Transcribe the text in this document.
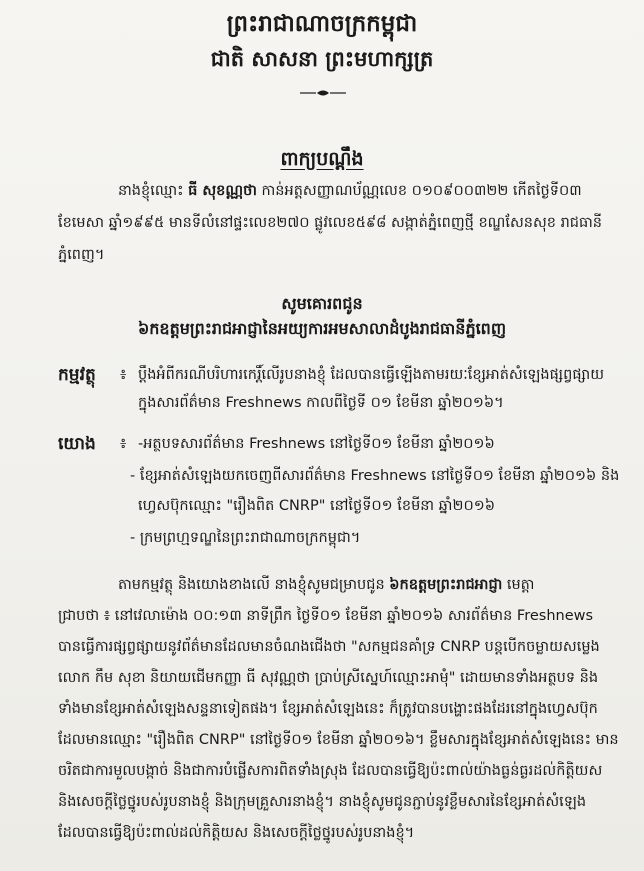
ព្រះរាជាណាចក្រកម្ពុជា
ជាតិ សាសនា ព្រះមហាក្សត្រ
ពាក្យបណ្ដឹង
នាងខ្ញុំឈ្មោះ ធី សុខណ្ណថា កាន់អត្តសញ្ញាណប័ណ្ណលេខ ០១០៩០០៣២២ កើតថ្ងៃទី០៣
ខែមេសា ឆ្នាំ១៩៩៥ មានទីលំនៅផ្ទះលេខ២៧០ ផ្លូវលេខ៥៩៨ សង្កាត់ភ្នំពេញថ្មី ខណ្ឌសែនសុខ រាជធានី
ភ្នំពេញ។
សូមគោរពជូន
៦កឧត្ដមព្រះរាជអាជ្ញានៃអយ្យការអមសាលាដំបូងរាជធានីភ្នំពេញ
កម្មវត្ថុ ៖ ប្ដឹងអំពីករណីបរិហារកេរ្តិ៍លើរូបនាងខ្ញុំ ដែលបានធ្វើឡើងតាមរយៈខ្សែអាត់សំឡេងផ្សព្វផ្សាយ
ក្នុងសារព័ត៌មាន Freshnews កាលពីថ្ងៃទី ០១ ខែមីនា ឆ្នាំ២០១៦។
យោង ៖ -អត្ថបទសារព័ត៌មាន Freshnews នៅថ្ងៃទី០១ ខែមីនា ឆ្នាំ២០១៦
- ខ្សែអាត់សំឡេងយកចេញពីសារព័ត៌មាន Freshnews នៅថ្ងៃទី០១ ខែមីនា ឆ្នាំ២០១៦ និង
ហ្វេសប៊ុកឈ្មោះ "រឿងពិត CNRP" នៅថ្ងៃទី០១ ខែមីនា ឆ្នាំ២០១៦
- ក្រមព្រហ្មទណ្ឌនៃព្រះរាជាណាចក្រកម្ពុជា។
តាមកម្មវត្ថុ និងយោងខាងលើ នាងខ្ញុំសូមជម្រាបជូន ៦កឧត្ដមព្រះរាជអាជ្ញា មេត្តា
ជ្រាបថា ៖ នៅវេលាម៉ោង ០០:១៣ នាទីព្រឹក ថ្ងៃទី០១ ខែមីនា ឆ្នាំ២០១៦ សារព័ត៌មាន Freshnews
បានធ្វើការផ្សព្វផ្សាយនូវព័ត៌មានដែលមានចំណងជើងថា "សកម្មជនគាំទ្រ CNRP បន្តបើកចម្លាយសម្លេង
លោក កឹម សុខា និយាយជើមកញ្ញា ធី សុវណ្ណថា ប្រាប់ស្រីស្នេហ៍ឈ្មោះអាមុំ" ដោយមានទាំងអត្ថបទ និង
ទាំងមានខ្សែអាត់សំឡេងសន្ទនាទៀតផង។ ខ្សែអាត់សំឡេងនេះ ក៏ត្រូវបានបង្ហោះផងដែរនៅក្នុងហ្វេសប៊ុក
ដែលមានឈ្មោះ "រឿងពិត CNRP" នៅថ្ងៃទី០១ ខែមីនា ឆ្នាំ២០១៦។ ខ្លឹមសារក្នុងខ្សែអាត់សំឡេងនេះ មាន
ចរិតជាការមួលបង្កាច់ និងជាការបំផ្លើសការពិតទាំងស្រុង ដែលបានធ្វើឱ្យប៉ះពាល់យ៉ាងធ្ងន់ធ្ងរដល់កិត្តិយស
និងសេចក្ដីថ្លៃថ្នូរបស់រូបនាងខ្ញុំ និងក្រុមគ្រួសារនាងខ្ញុំ។ នាងខ្ញុំសូមជូនភ្ជាប់នូវខ្លឹមសារនៃខ្សែអាត់សំឡេង
ដែលបានធ្វើឱ្យប៉ះពាល់ដល់កិត្តិយស និងសេចក្ដីថ្លៃថ្នូរបស់រូបនាងខ្ញុំ។
